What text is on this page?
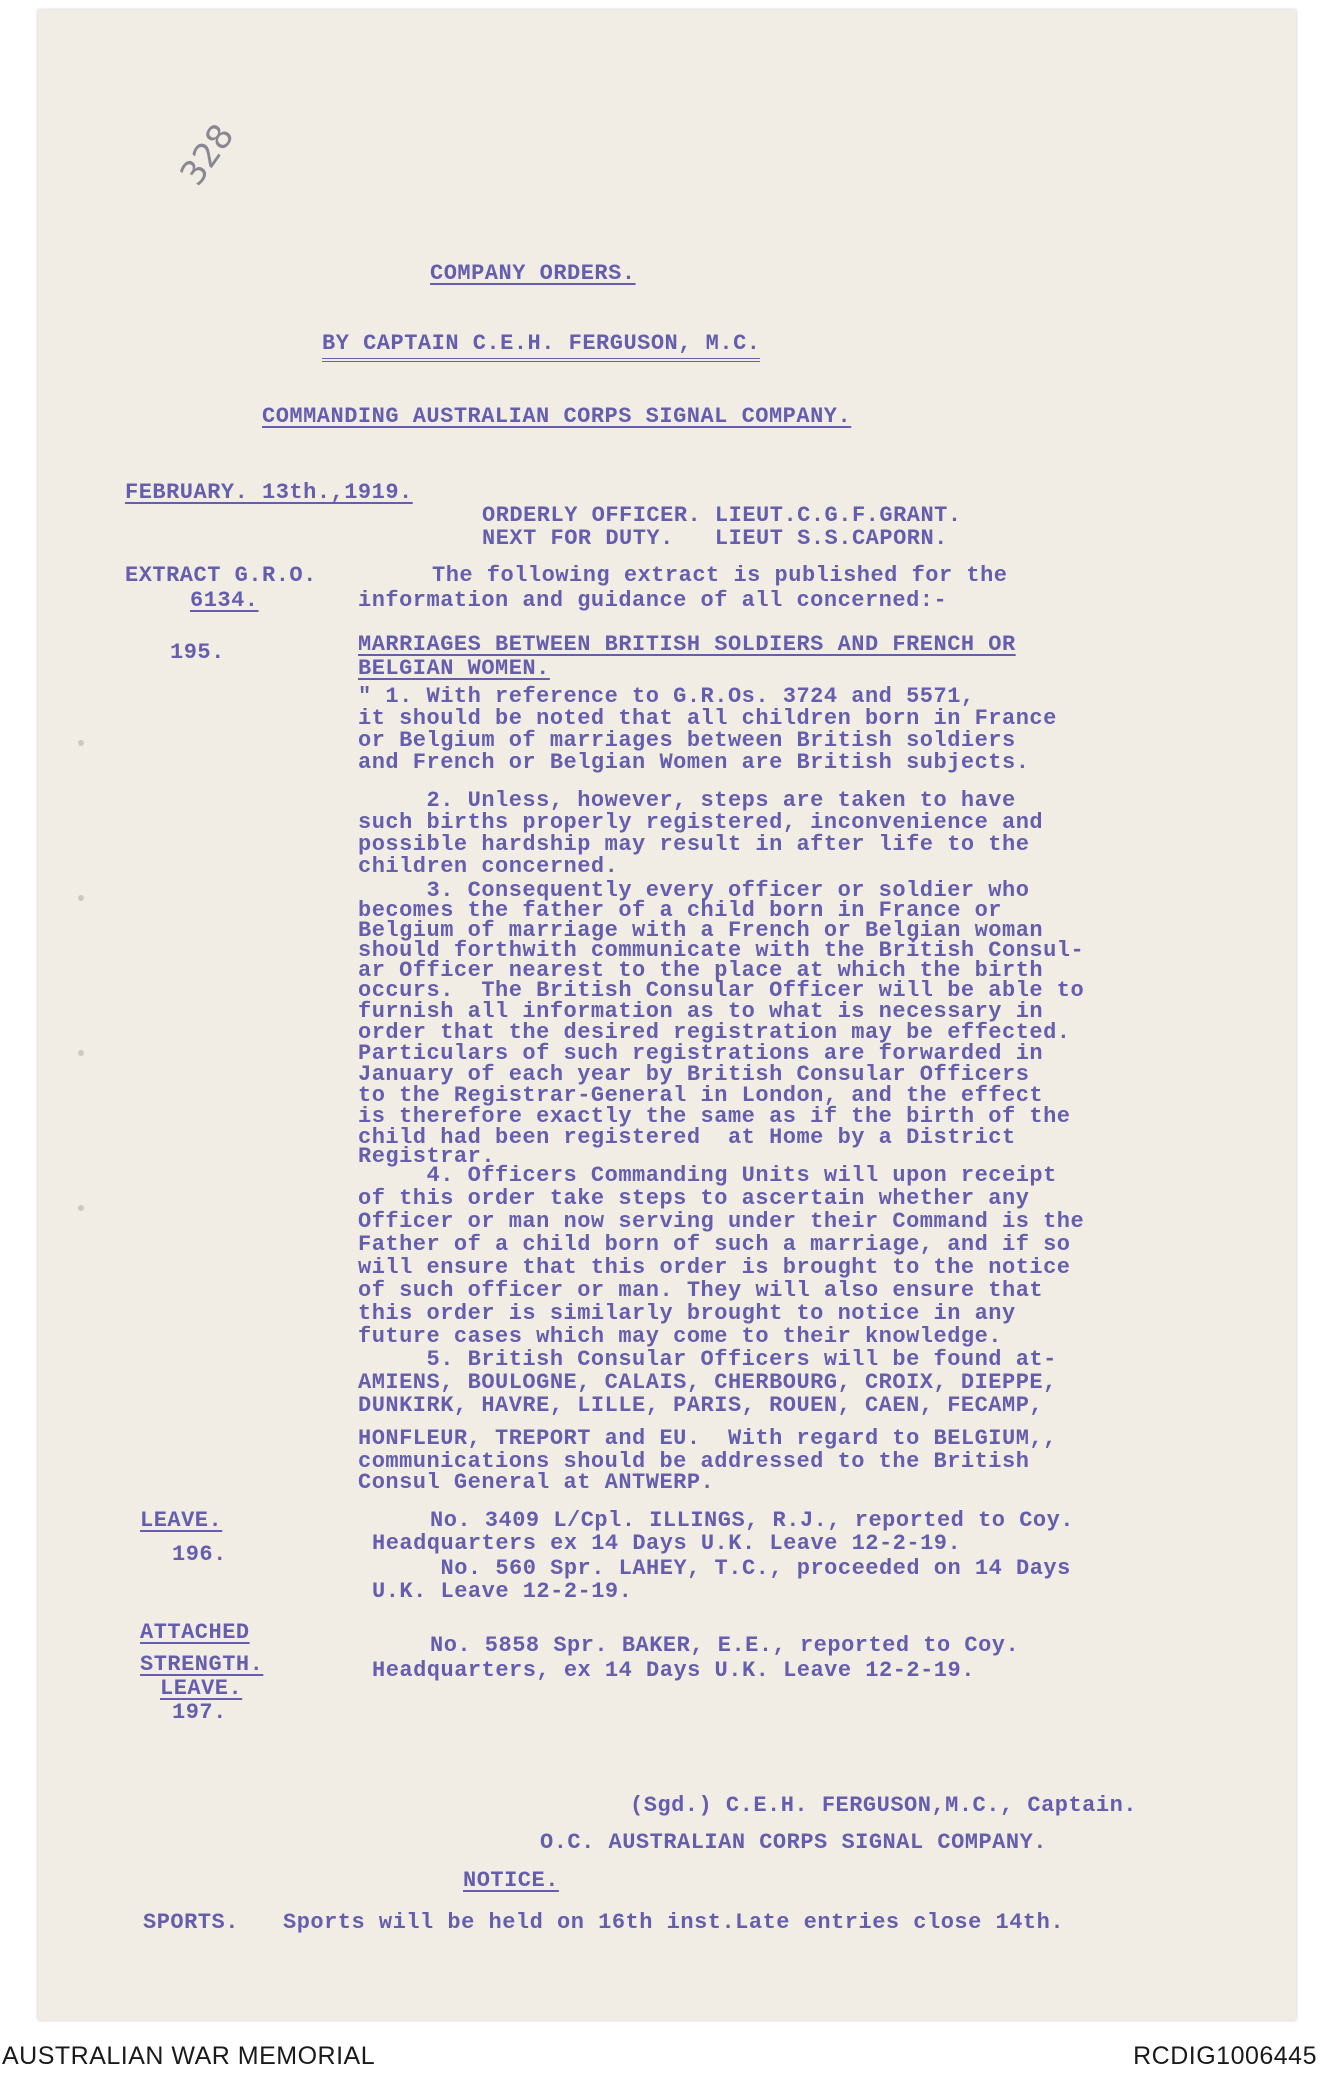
328
COMPANY ORDERS.
BY CAPTAIN C.E.H. FERGUSON, M.C.
COMMANDING AUSTRALIAN CORPS SIGNAL COMPANY.
FEBRUARY. 13th.,1919.
ORDERLY OFFICER. LIEUT.C.G.F.GRANT.
NEXT FOR DUTY.   LIEUT S.S.CAPORN.
EXTRACT G.R.O.
6134.
The following extract is published for the
information and guidance of all concerned:-
195.	MARRIAGES BETWEEN BRITISH SOLDIERS AND FRENCH OR
BELGIAN WOMEN.
" 1. With reference to G.R.Os. 3724 and 5571,
it should be noted that all children born in France
or Belgium of marriages between British soldiers
and French or Belgian Women are British subjects.
2. Unless, however, steps are taken to have
such births properly registered, inconvenience and
possible hardship may result in after life to the
children concerned.
3. Consequently every officer or soldier who
becomes the father of a child born in France or
Belgium of marriage with a French or Belgian woman
should forthwith communicate with the British Consul-
ar Officer nearest to the place at which the birth
occurs.  The British Consular Officer will be able to
furnish all information as to what is necessary in
order that the desired registration may be effected.
Particulars of such registrations are forwarded in
January of each year by British Consular Officers
to the Registrar-General in London, and the effect
is therefore exactly the same as if the birth of the
child had been registered  at Home by a District
Registrar.
4. Officers Commanding Units will upon receipt
of this order take steps to ascertain whether any
Officer or man now serving under their Command is the
Father of a child born of such a marriage, and if so
will ensure that this order is brought to the notice
of such officer or man. They will also ensure that
this order is similarly brought to notice in any
future cases which may come to their knowledge.
5. British Consular Officers will be found at-
AMIENS, BOULOGNE, CALAIS, CHERBOURG, CROIX, DIEPPE,
DUNKIRK, HAVRE, LILLE, PARIS, ROUEN, CAEN, FECAMP,
HONFLEUR, TREPORT and EU.  With regard to BELGIUM,,
communications should be addressed to the British
Consul General at ANTWERP.
LEAVE.
196.
No. 3409 L/Cpl. ILLINGS, R.J., reported to Coy.
Headquarters ex 14 Days U.K. Leave 12-2-19.
No. 560 Spr. LAHEY, T.C., proceeded on 14 Days
U.K. Leave 12-2-19.
ATTACHED
STRENGTH.
LEAVE.
197.
No. 5858 Spr. BAKER, E.E., reported to Coy.
Headquarters, ex 14 Days U.K. Leave 12-2-19.
(Sgd.) C.E.H. FERGUSON,M.C., Captain.
O.C. AUSTRALIAN CORPS SIGNAL COMPANY.
NOTICE.
SPORTS. Sports will be held on 16th inst.Late entries close 14th.
AUSTRALIAN WAR MEMORIAL	RCDIG1006445
